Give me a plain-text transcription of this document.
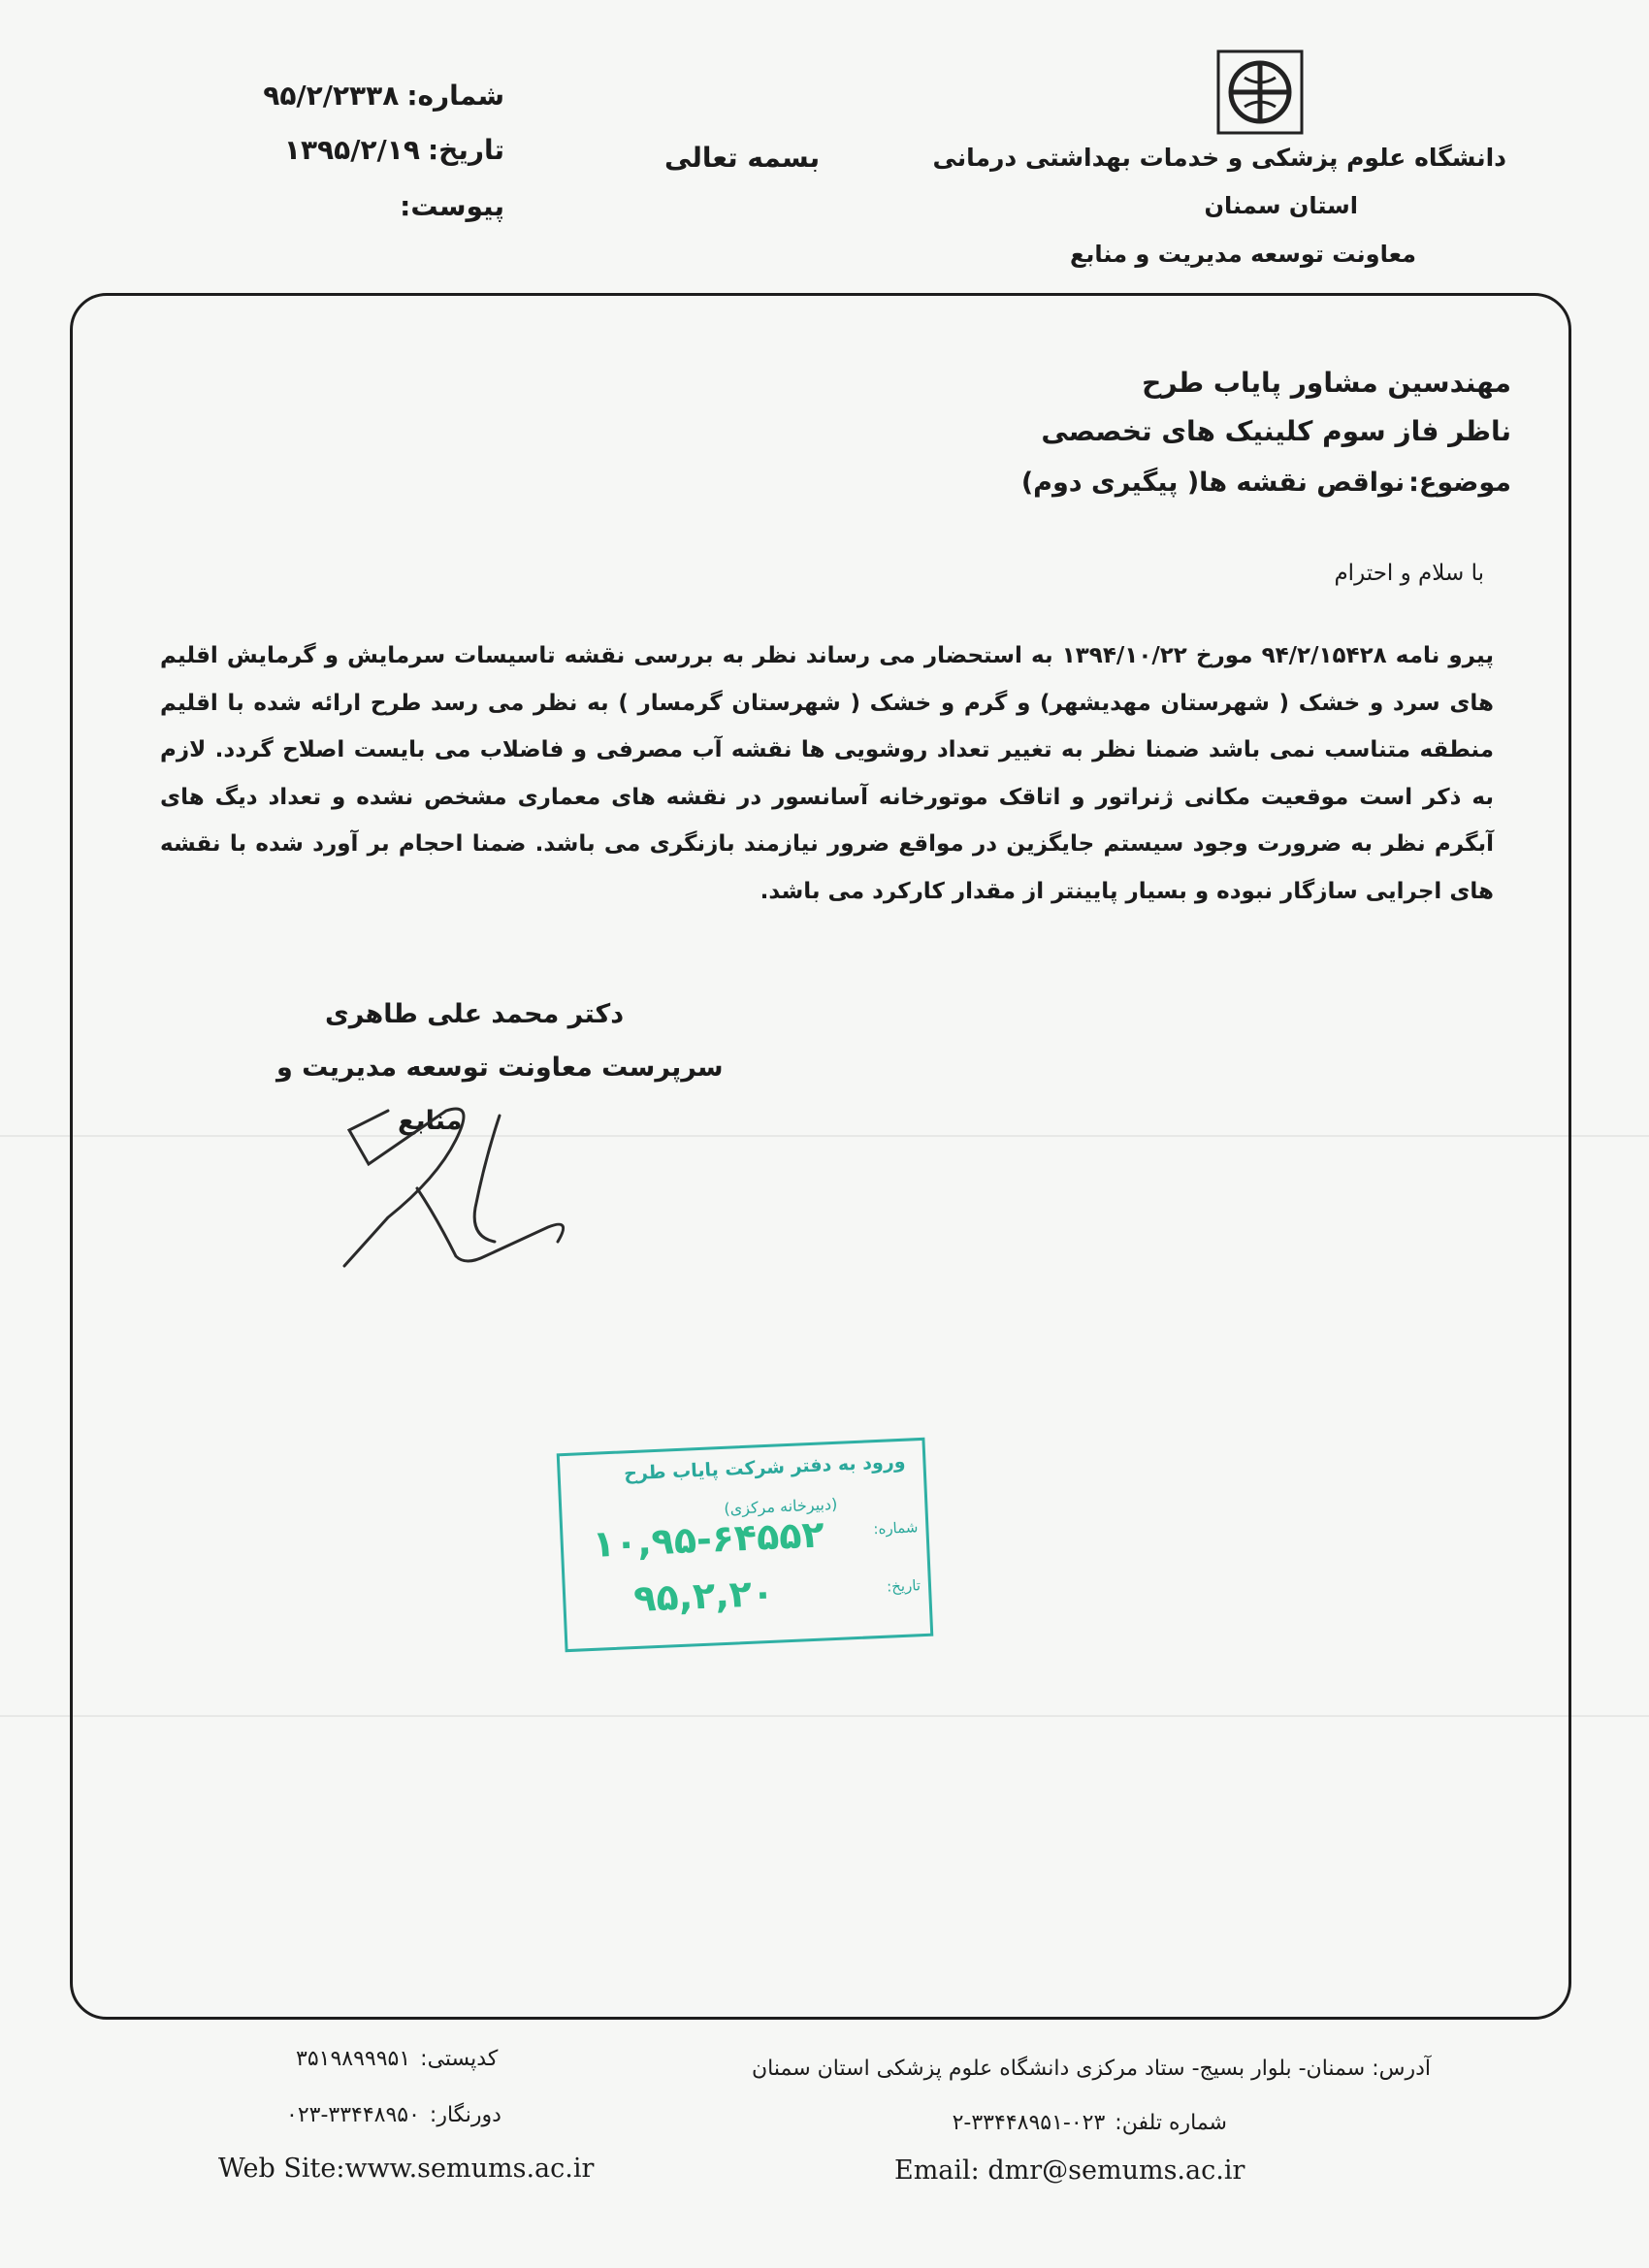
دانشگاه علوم پزشکی و خدمات بهداشتی درمانی
استان سمنان
معاونت توسعه مدیریت و منابع
بسمه تعالی
شماره:
۹۵/۲/۲۳۳۸
تاریخ:
۱۳۹۵/۲/۱۹
پیوست:
مهندسین مشاور پایاب طرح
ناظر فاز سوم کلینیک های تخصصی
موضوع:
نواقص نقشه ها( پیگیری دوم)
با سلام و احترام
پیرو نامه ۹۴/۲/۱۵۴۲۸ مورخ ۱۳۹۴/۱۰/۲۲ به استحضار می رساند نظر به بررسی نقشه تاسیسات سرمایش و گرمایش اقلیم های سرد و خشک ( شهرستان مهدیشهر) و گرم و خشک ( شهرستان گرمسار ) به نظر می رسد طرح ارائه شده با اقلیم منطقه متناسب نمی باشد ضمنا نظر به تغییر تعداد روشویی ها نقشه آب مصرفی و فاضلاب می بایست اصلاح گردد. لازم به ذکر است موقعیت مکانی ژنراتور و اتاقک موتورخانه آسانسور در نقشه های معماری مشخص نشده و تعداد دیگ های آبگرم نظر به ضرورت وجود سیستم جایگزین در مواقع ضرور نیازمند بازنگری می باشد. ضمنا احجام بر آورد شده با نقشه های اجرایی سازگار نبوده و بسیار پایینتر از مقدار کارکرد می باشد.
دکتر محمد علی طاهری
سرپرست معاونت توسعه مدیریت و
منابع
ورود به دفتر شرکت پایاب طرح
(دبیرخانه مرکزی)
شماره:
۱۰,۹۵-۶۴۵۵۲
تاریخ:
۹۵,۲,۲۰
آدرس: سمنان- بلوار بسیج- ستاد مرکزی دانشگاه علوم پزشکی استان سمنان
شماره تلفن:
۲-۳۳۴۴۸۹۵۱-۰۲۳
Email: dmr@semums.ac.ir
کدپستی:
۳۵۱۹۸۹۹۹۵۱
دورنگار:
۰۲۳-۳۳۴۴۸۹۵۰
Web Site:www.semums.ac.ir
